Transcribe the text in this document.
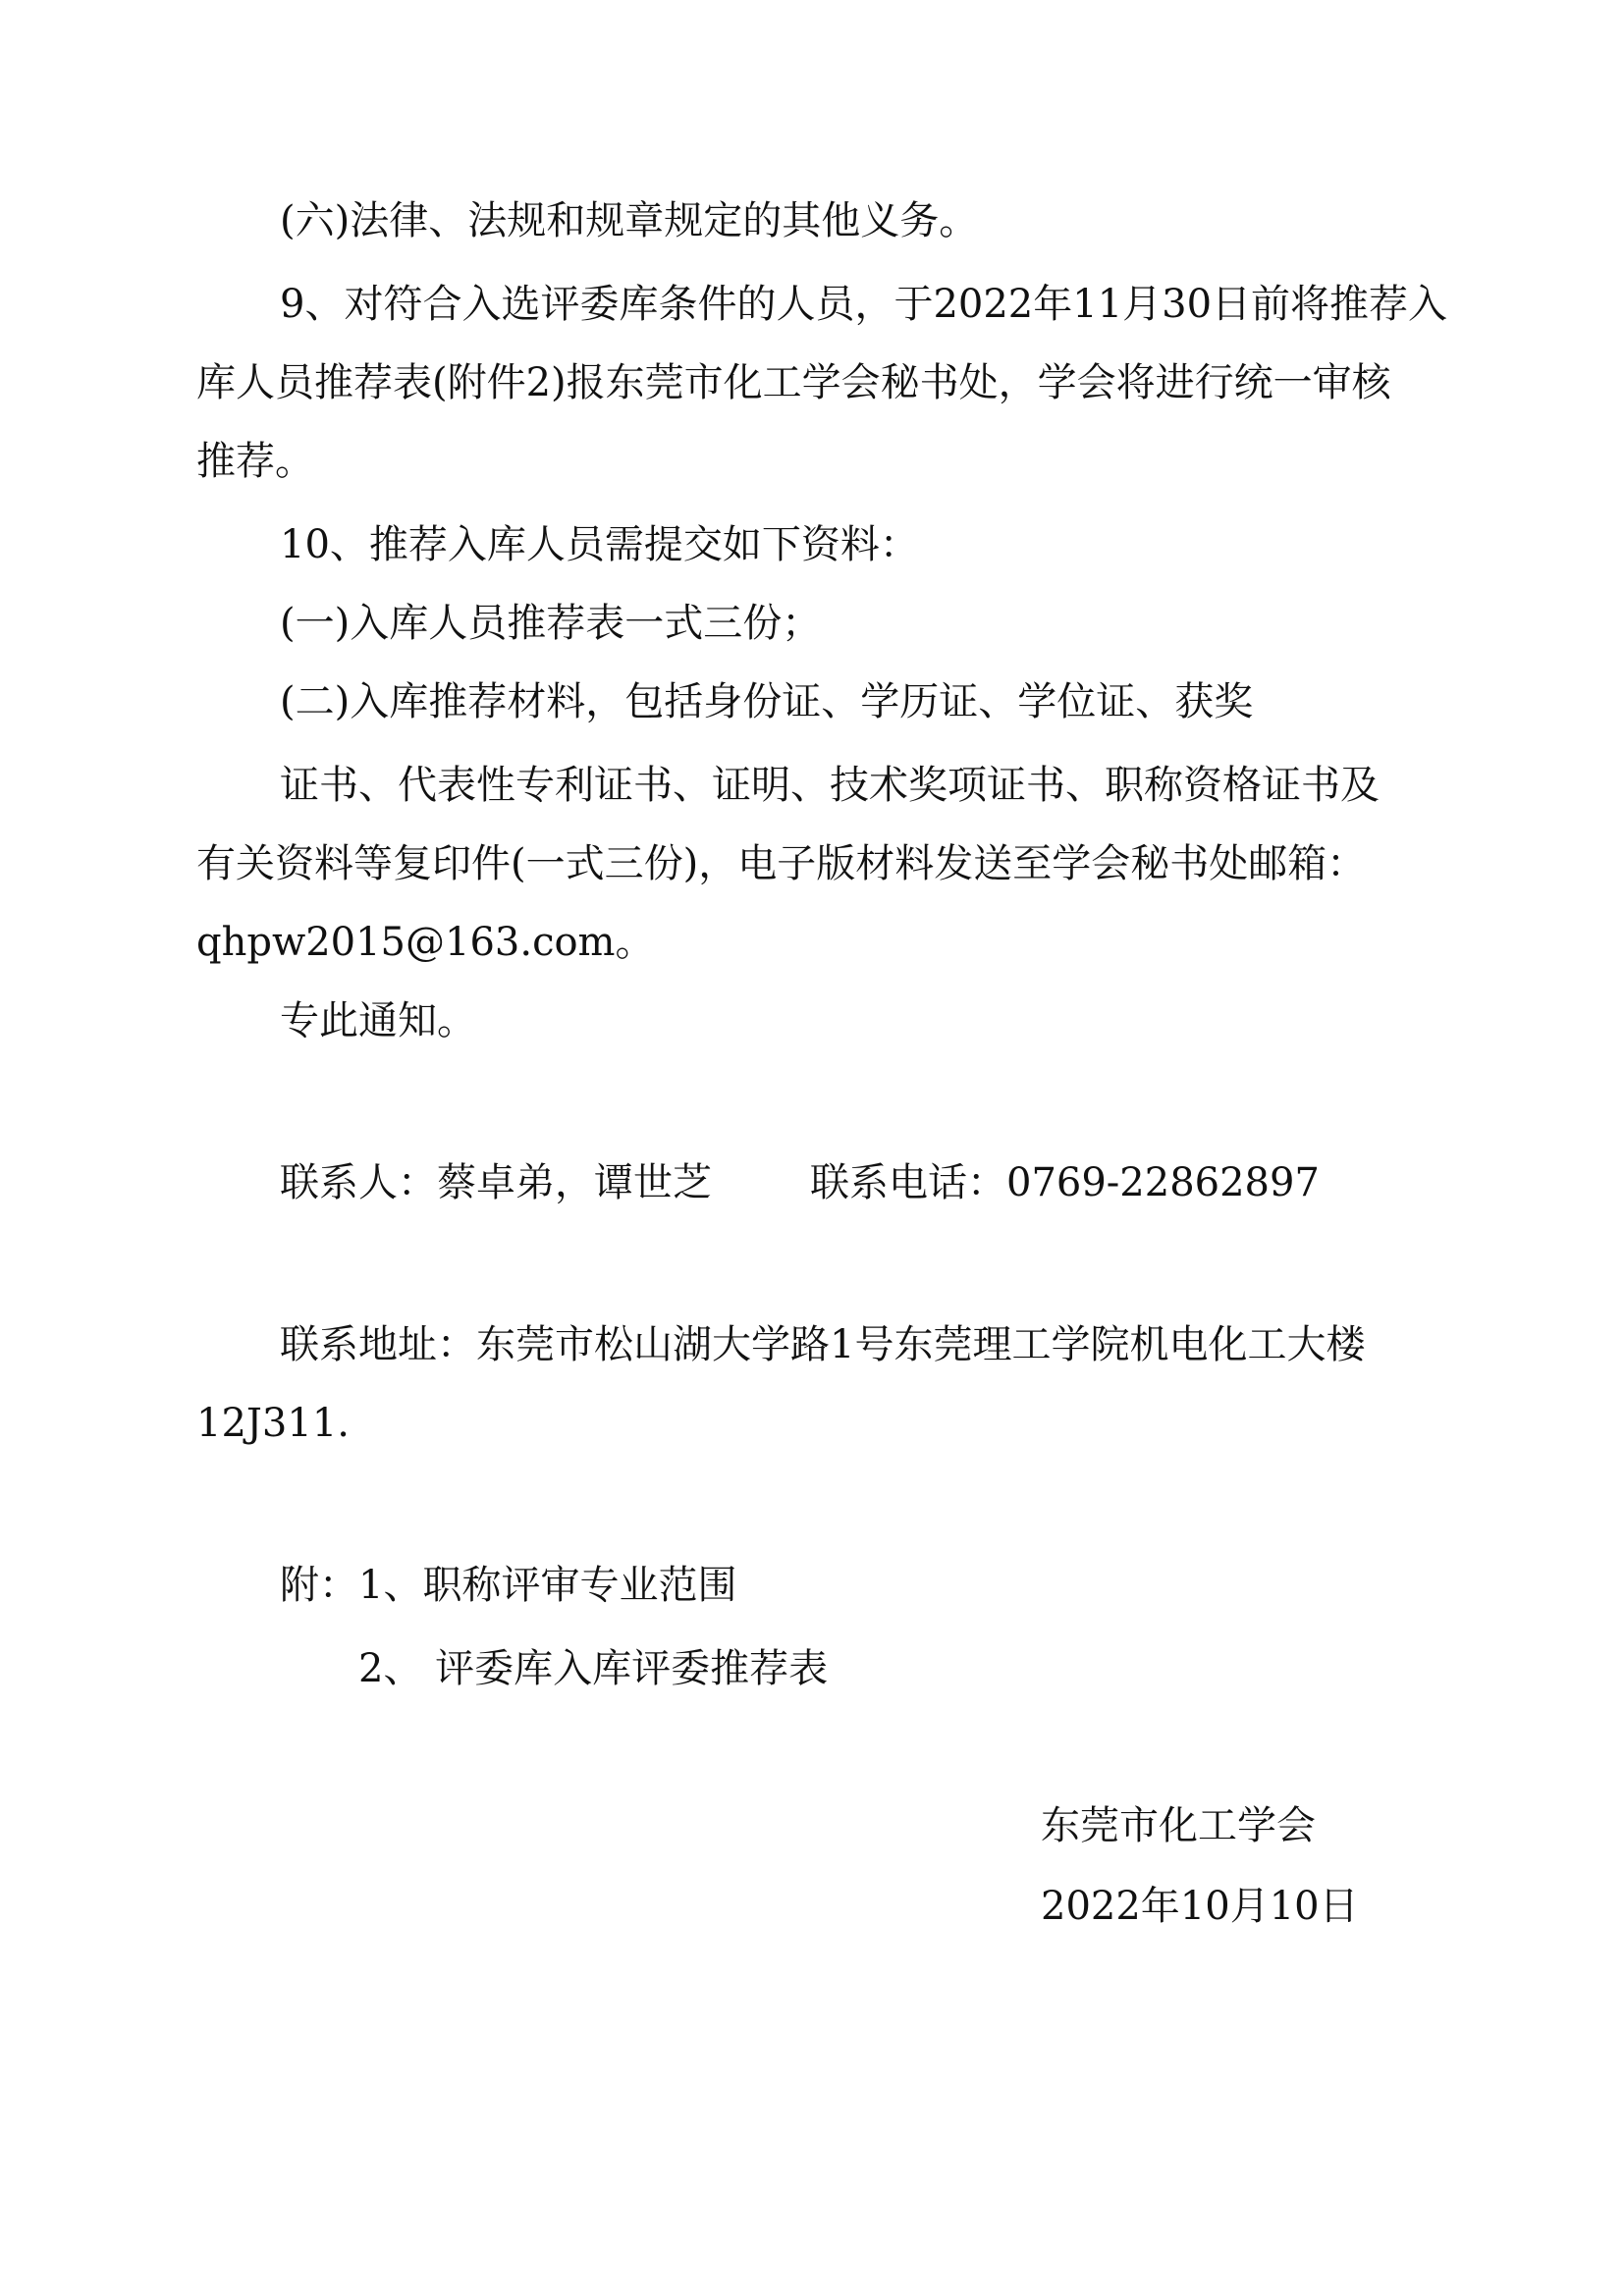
(六)法律、法规和规章规定的其他义务。
9、对符合入选评委库条件的人员，于2022年11月30日前将推荐入
库人员推荐表(附件2)报东莞市化工学会秘书处，学会将进行统一审核
推荐。
10、推荐入库人员需提交如下资料：
(一)入库人员推荐表一式三份；
(二)入库推荐材料，包括身份证、学历证、学位证、获奖
证书、代表性专利证书、证明、技术奖项证书、职称资格证书及
有关资料等复印件(一式三份)，电子版材料发送至学会秘书处邮箱：
qhpw2015@163.com。
专此通知。
联系人：蔡卓弟，谭世芝	联系电话：0769-22862897
联系地址：东莞市松山湖大学路1号东莞理工学院机电化工大楼
12J311.
附：1、职称评审专业范围
2、 评委库入库评委推荐表
东莞市化工学会
2022年10月10日
